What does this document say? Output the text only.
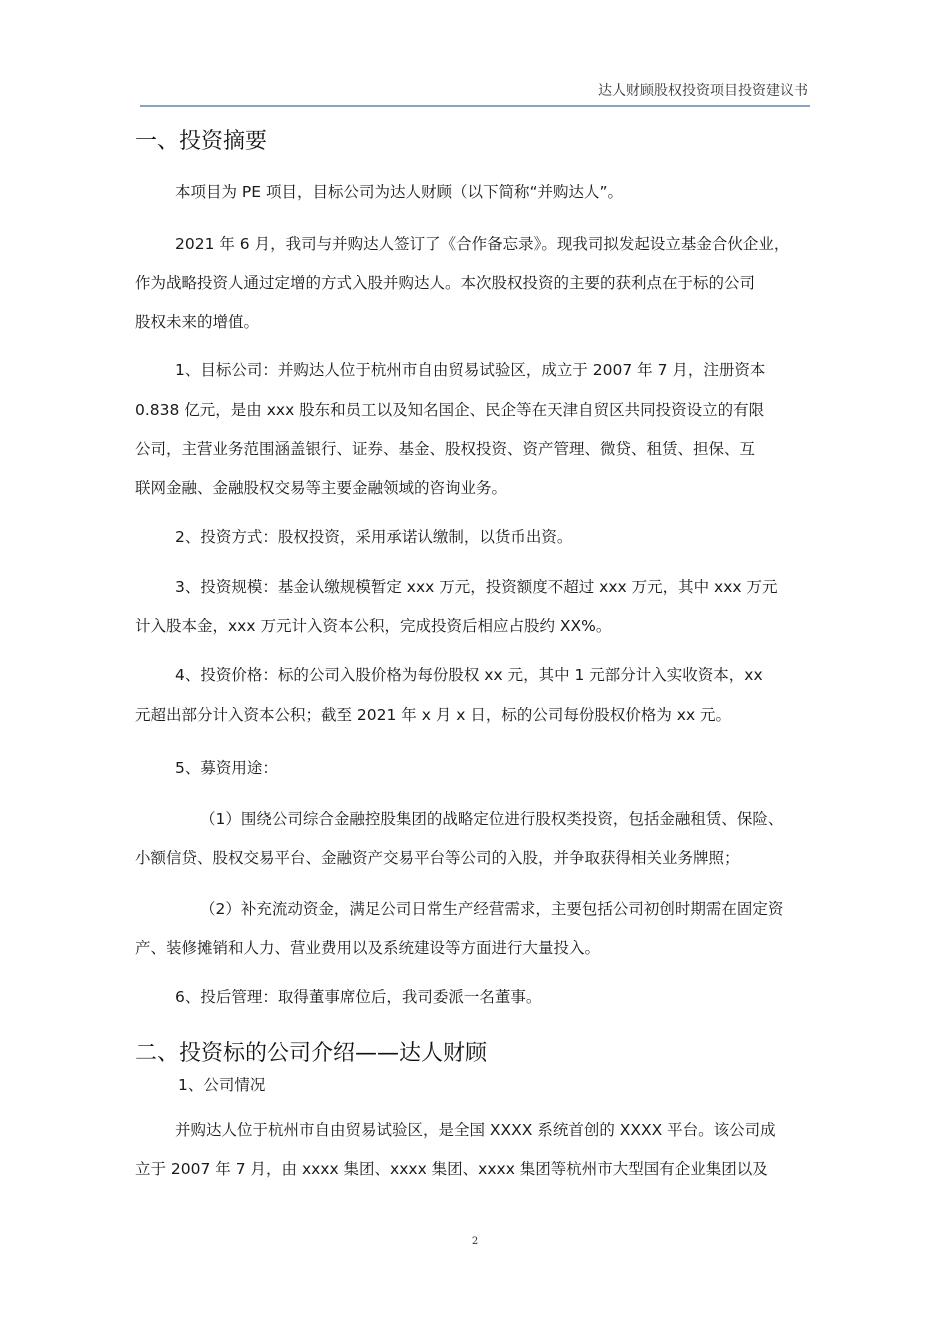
达人财顾股权投资项目投资建议书
一、投资摘要
本项目为 PE 项目，目标公司为达人财顾（以下简称“并购达人”。
2021 年 6 月，我司与并购达人签订了《合作备忘录》。现我司拟发起设立基金合伙企业，
作为战略投资人通过定增的方式入股并购达人。本次股权投资的主要的获利点在于标的公司
股权未来的增值。
1、目标公司：并购达人位于杭州市自由贸易试验区，成立于 2007 年 7 月，注册资本
0.838 亿元，是由 xxx 股东和员工以及知名国企、民企等在天津自贸区共同投资设立的有限
公司，主营业务范围涵盖银行、证券、基金、股权投资、资产管理、微贷、租赁、担保、互
联网金融、金融股权交易等主要金融领域的咨询业务。
2、投资方式：股权投资，采用承诺认缴制，以货币出资。
3、投资规模：基金认缴规模暂定 xxx 万元，投资额度不超过 xxx 万元，其中 xxx 万元
计入股本金，xxx 万元计入资本公积，完成投资后相应占股约 XX%。
4、投资价格：标的公司入股价格为每份股权 xx 元，其中 1 元部分计入实收资本，xx
元超出部分计入资本公积；截至 2021 年 x 月 x 日，标的公司每份股权价格为 xx 元。
5、募资用途：
（1）围绕公司综合金融控股集团的战略定位进行股权类投资，包括金融租赁、保险、
小额信贷、股权交易平台、金融资产交易平台等公司的入股，并争取获得相关业务牌照；
（2）补充流动资金，满足公司日常生产经营需求，主要包括公司初创时期需在固定资
产、装修摊销和人力、营业费用以及系统建设等方面进行大量投入。
6、投后管理：取得董事席位后，我司委派一名董事。
二、投资标的公司介绍——达人财顾
1、公司情况
并购达人位于杭州市自由贸易试验区，是全国 XXXX 系统首创的 XXXX 平台。该公司成
立于 2007 年 7 月，由 xxxx 集团、xxxx 集团、xxxx 集团等杭州市大型国有企业集团以及
2
